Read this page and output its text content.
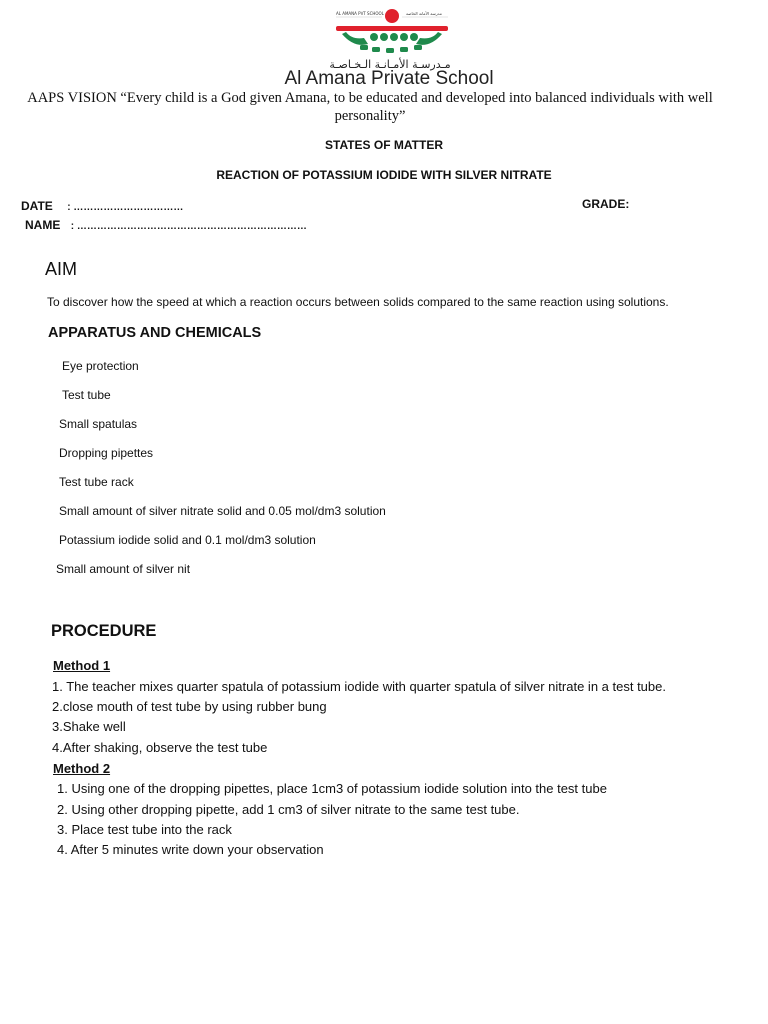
AL AMANA PVT SCHOOL	مدرسة الأمانة الخاصة
مـدرسـة الأمـانـة الـخـاصـة
Al Amana Private School
AAPS VISION “Every child is a God given Amana, to be educated and developed into balanced individuals with well
personality”
STATES OF MATTER
REACTION OF POTASSIUM IODIDE WITH SILVER NITRATE
DATE : ……………………………	GRADE:
NAME : ……………………………………………………………
AIM
To discover how the speed at which a reaction occurs between solids compared to the same reaction using solutions.
APPARATUS AND CHEMICALS
Eye protection
Test tube
Small spatulas
Dropping pipettes
Test tube rack
Small amount of silver nitrate solid and 0.05 mol/dm3 solution
Potassium iodide solid and 0.1 mol/dm3 solution
Small amount of silver nit
PROCEDURE
Method 1
1. The teacher mixes quarter spatula of potassium iodide with quarter spatula of silver nitrate in a test tube.
2.close mouth of test tube by using rubber bung
3.Shake well
4.After shaking, observe the test tube
Method 2
1. Using one of the dropping pipettes, place 1cm3 of potassium iodide solution into the test tube
2. Using other dropping pipette, add 1 cm3 of silver nitrate to the same test tube.
3. Place test tube into the rack
4. After 5 minutes write down your observation
